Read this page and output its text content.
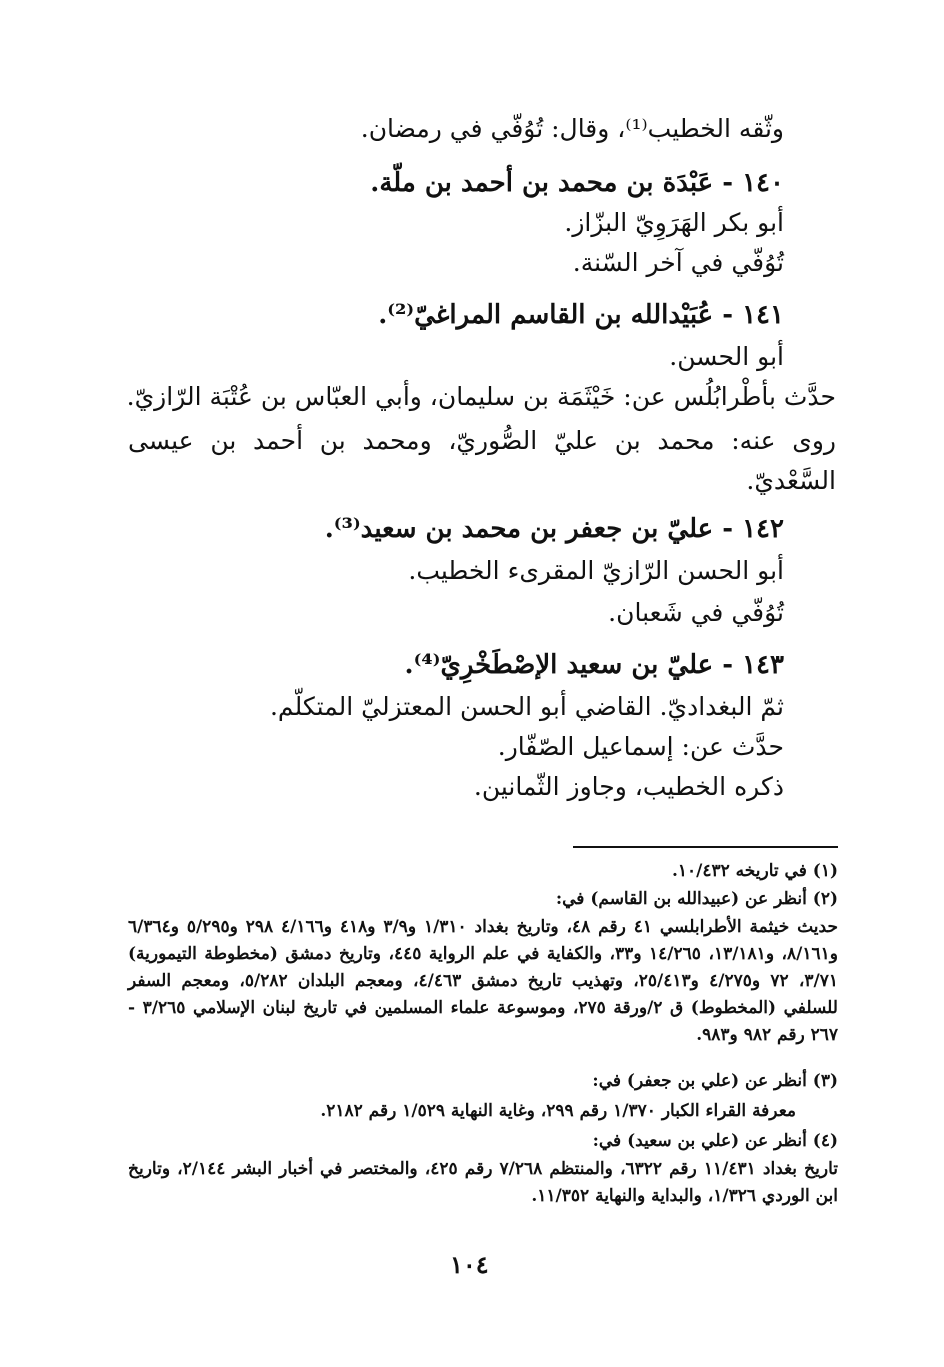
وثّقه الخطيب⁽¹⁾، وقال: تُوُفّي في رمضان.
١٤٠ - عَبْدَة بن محمد بن أحمد بن ملّة.
أبو بكر الهَرَوِيّ البزّاز.
تُوُفّي في آخر السّنة.
١٤١ - عُبَيْدالله بن القاسم المراغيّ⁽²⁾.
أبو الحسن.
حدَّث بأطْرابُلُس عن: خَيْثَمَة بن سليمان، وأبي العبّاس بن عُتْبَة الرّازيّ.
روى عنه: محمد بن عليّ الصُّوريّ، ومحمد بن أحمد بن عيسى
السَّعْديّ.
١٤٢ - عليّ بن جعفر بن محمد بن سعيد⁽³⁾.
أبو الحسن الرّازيّ المقرىء الخطيب.
تُوُفّي في شَعبان.
١٤٣ - عليّ بن سعيد الإصْطَخْرِيّ⁽⁴⁾.
ثمّ البغداديّ. القاضي أبو الحسن المعتزليّ المتكلّم.
حدَّث عن: إسماعيل الصّفّار.
ذكره الخطيب، وجاوز الثّمانين.
(١) في تاريخه ١٠/٤٣٢.
(٢) أنظر عن (عبيدالله بن القاسم) في:
حديث خيثمة الأطرابلسي ٤١ رقم ٤٨، وتاريخ بغداد ١/٣١٠ و٣/٩ و٤١٨ و٤/١٦٦ ٢٩٨ و٥/٢٩٥ و٦/٣٦٤ و٨/١٦١، و١٣/١٨١، ١٤/٢٦٥ و٣٣، والكفاية في علم الرواية ٤٤٥، وتاريخ دمشق (مخطوطة التيمورية) ٣/٧١، ٧٢ و٤/٢٧٥ و٢٥/٤١٣، وتهذيب تاريخ دمشق ٤/٤٦٣، ومعجم البلدان ٥/٢٨٢، ومعجم السفر للسلفي (المخطوط) ق ٢/ورقة ٢٧٥، وموسوعة علماء المسلمين في تاريخ لبنان الإسلامي ٣/٢٦٥ - ٢٦٧ رقم ٩٨٢ و٩٨٣.
(٣) أنظر عن (علي بن جعفر) في:
معرفة القراء الكبار ١/٣٧٠ رقم ٢٩٩، وغاية النهاية ١/٥٢٩ رقم ٢١٨٢.
(٤) أنظر عن (علي بن سعيد) في:
تاريخ بغداد ١١/٤٣١ رقم ٦٣٢٢، والمنتظم ٧/٢٦٨ رقم ٤٢٥، والمختصر في أخبار البشر ٢/١٤٤، وتاريخ ابن الوردي ١/٣٢٦، والبداية والنهاية ١١/٣٥٢.
١٠٤
